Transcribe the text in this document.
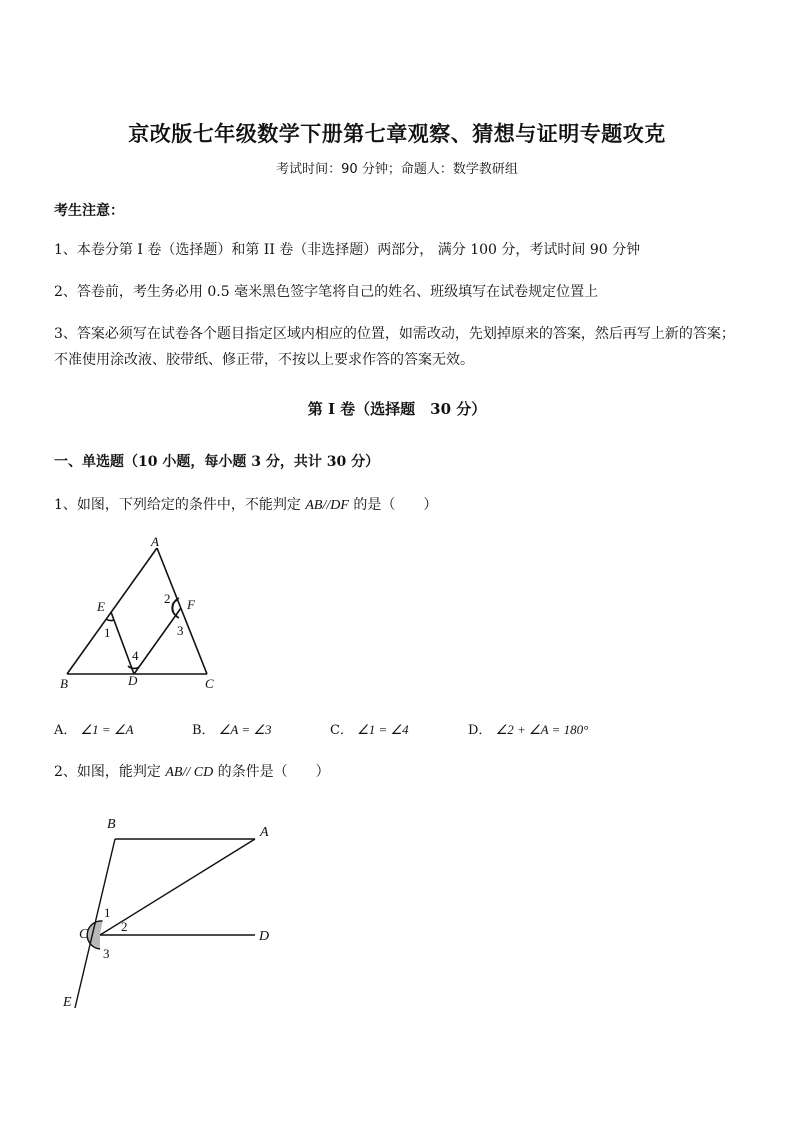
京改版七年级数学下册第七章观察、猜想与证明专题攻克
考试时间：90 分钟；命题人：数学教研组
考生注意：
1、本卷分第 I 卷（选择题）和第 II 卷（非选择题）两部分， 满分 100 分，考试时间 90 分钟
2、答卷前，考生务必用 0.5 毫米黑色签字笔将自己的姓名、班级填写在试卷规定位置上
3、答案必须写在试卷各个题目指定区域内相应的位置，如需改动，先划掉原来的答案，然后再写上新的答案；不准使用涂改液、胶带纸、修正带，不按以上要求作答的答案无效。
第 I 卷（选择题　30 分）
一、单选题（10 小题，每小题 3 分，共计 30 分）
1、如图，下列给定的条件中，不能判定 AB//DF 的是（　　）
A
B	C
D
E	F
1
2
3
4
A． ∠1 = ∠A	B． ∠A = ∠3	C． ∠1 = ∠4	D． ∠2 + ∠A = 180°
2、如图，能判定 AB// CD 的条件是（　　）
B
A
C	D
E
1
2
3
